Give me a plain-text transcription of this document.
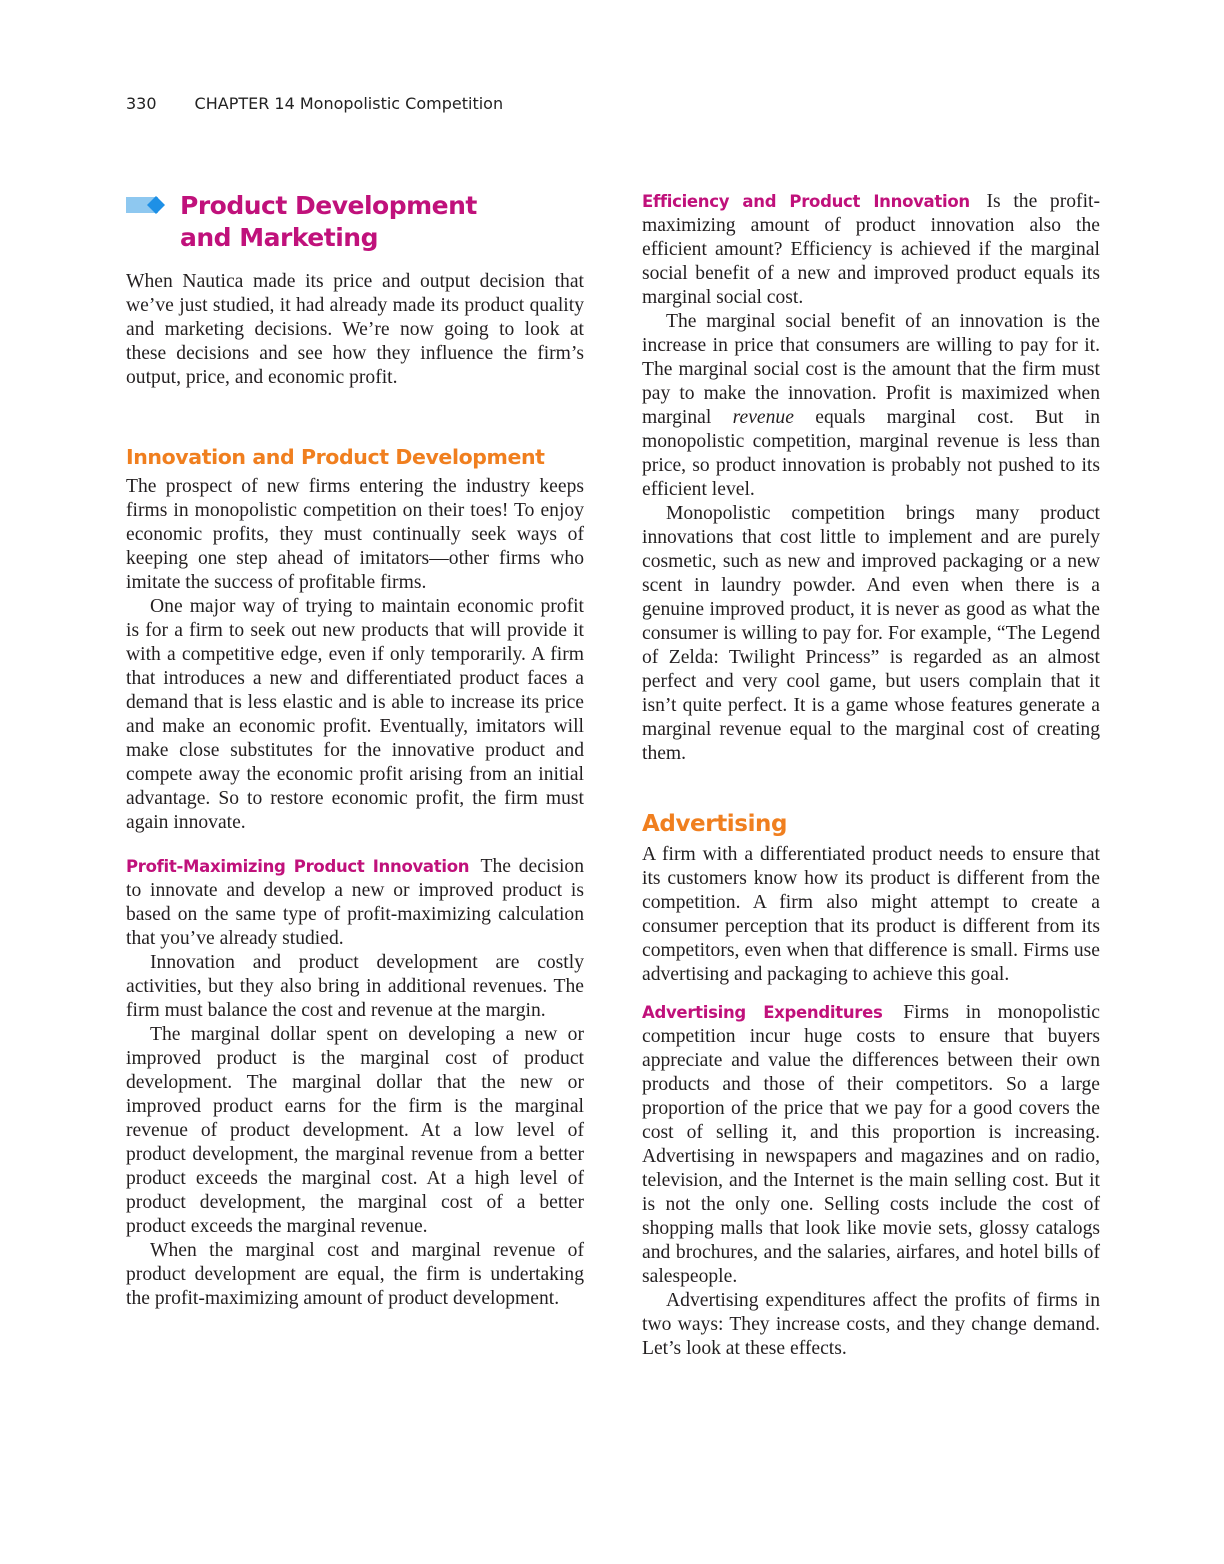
330 CHAPTER 14 Monopolistic Competition
Product Development and Marketing

When Nautica made its price and output decision that we’ve just studied, it had already made its product quality and marketing decisions. We’re now going to look at these decisions and see how they influence the firm’s output, price, and economic profit.

Innovation and Product Development

The prospect of new firms entering the industry keeps firms in monopolistic competition on their toes! To enjoy economic profits, they must continually seek ways of keeping one step ahead of imitators—other firms who imitate the success of profitable firms.

One major way of trying to maintain economic profit is for a firm to seek out new products that will provide it with a competitive edge, even if only temporarily. A firm that introduces a new and differentiated product faces a demand that is less elastic and is able to increase its price and make an economic profit. Eventually, imitators will make close substitutes for the innovative product and compete away the economic profit arising from an initial advantage. So to restore economic profit, the firm must again innovate.

Profit-Maximizing Product Innovation The decision to innovate and develop a new or improved product is based on the same type of profit-maximizing calculation that you’ve already studied.

Innovation and product development are costly activities, but they also bring in additional revenues. The firm must balance the cost and revenue at the margin.

The marginal dollar spent on developing a new or improved product is the marginal cost of product development. The marginal dollar that the new or improved product earns for the firm is the marginal revenue of product development. At a low level of product development, the marginal revenue from a better product exceeds the marginal cost. At a high level of product development, the marginal cost of a better product exceeds the marginal revenue.

When the marginal cost and marginal revenue of product development are equal, the firm is undertaking the profit-maximizing amount of product development.

Efficiency and Product Innovation Is the profit-maximizing amount of product innovation also the efficient amount? Efficiency is achieved if the marginal social benefit of a new and improved product equals its marginal social cost.

The marginal social benefit of an innovation is the increase in price that consumers are willing to pay for it. The marginal social cost is the amount that the firm must pay to make the innovation. Profit is maximized when marginal revenue equals marginal cost. But in monopolistic competition, marginal revenue is less than price, so product innovation is probably not pushed to its efficient level.

Monopolistic competition brings many product innovations that cost little to implement and are purely cosmetic, such as new and improved packaging or a new scent in laundry powder. And even when there is a genuine improved product, it is never as good as what the consumer is willing to pay for. For example, “The Legend of Zelda: Twilight Princess” is regarded as an almost perfect and very cool game, but users complain that it isn’t quite perfect. It is a game whose features generate a marginal revenue equal to the marginal cost of creating them.

Advertising

A firm with a differentiated product needs to ensure that its customers know how its product is different from the competition. A firm also might attempt to create a consumer perception that its product is different from its competitors, even when that difference is small. Firms use advertising and packaging to achieve this goal.

Advertising Expenditures Firms in monopolistic competition incur huge costs to ensure that buyers appreciate and value the differences between their own products and those of their competitors. So a large proportion of the price that we pay for a good covers the cost of selling it, and this proportion is increasing. Advertising in newspapers and magazines and on radio, television, and the Internet is the main selling cost. But it is not the only one. Selling costs include the cost of shopping malls that look like movie sets, glossy catalogs and brochures, and the salaries, airfares, and hotel bills of salespeople.

Advertising expenditures affect the profits of firms in two ways: They increase costs, and they change demand. Let’s look at these effects.
